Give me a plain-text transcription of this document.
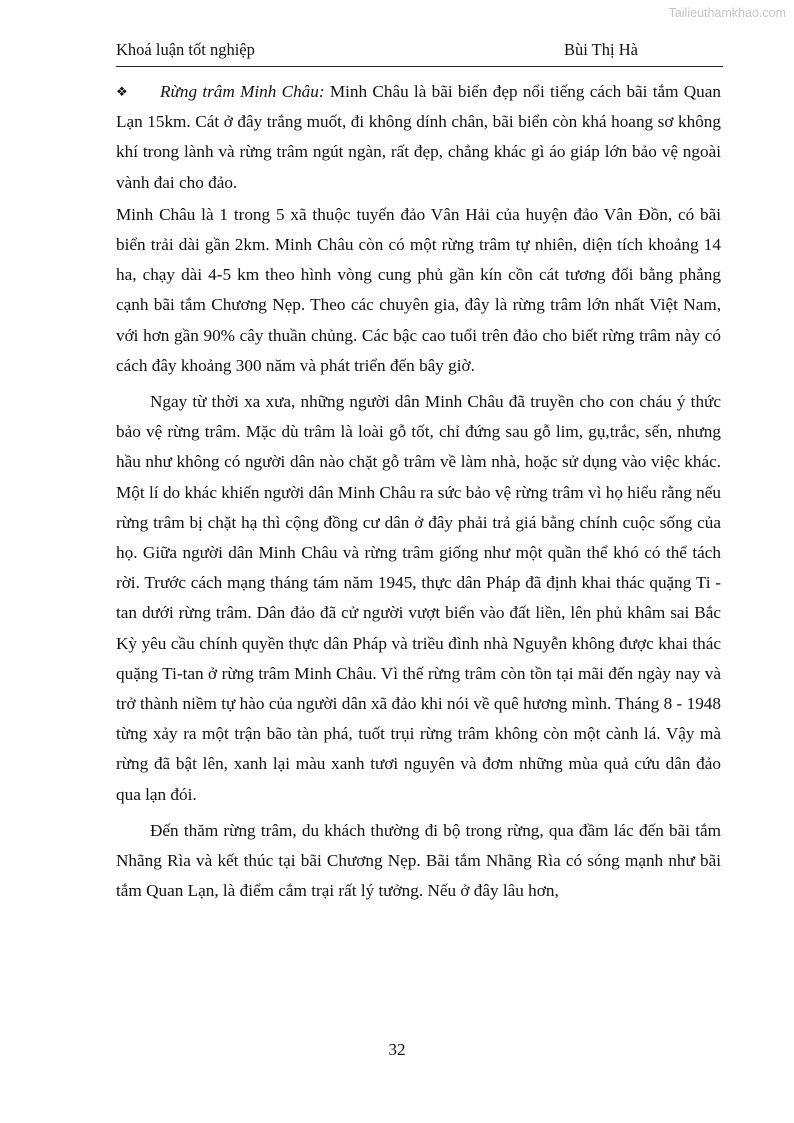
Tailieuthamkhao.com
Khoá luận tốt nghiệp	Bùi Thị Hà

❖ Rừng trâm Minh Châu: Minh Châu là bãi biển đẹp nổi tiếng cách bãi tắm Quan Lạn 15km. Cát ở đây trắng muốt, đi không dính chân, bãi biển còn khá hoang sơ không khí trong lành và rừng trâm ngút ngàn, rất đẹp, chẳng khác gì áo giáp lớn bảo vệ ngoài vành đai cho đảo.

Minh Châu là 1 trong 5 xã thuộc tuyến đảo Vân Hải của huyện đảo Vân Đồn, có bãi biển trải dài gần 2km. Minh Châu còn có một rừng trâm tự nhiên, diện tích khoảng 14 ha, chạy dài 4-5 km theo hình vòng cung phủ gần kín cồn cát tương đối bằng phẳng cạnh bãi tắm Chương Nẹp. Theo các chuyên gia, đây là rừng trâm lớn nhất Việt Nam, với hơn gần 90% cây thuần chủng. Các bậc cao tuổi trên đảo cho biết rừng trâm này có cách đây khoảng 300 năm và phát triển đến bây giờ.

Ngay từ thời xa xưa, những người dân Minh Châu đã truyền cho con cháu ý thức bảo vệ rừng trâm. Mặc dù trâm là loài gỗ tốt, chỉ đứng sau gỗ lim, gụ,trắc, sến, nhưng hầu như không có người dân nào chặt gỗ trâm về làm nhà, hoặc sử dụng vào việc khác. Một lí do khác khiến người dân Minh Châu ra sức bảo vệ rừng trâm vì họ hiểu rằng nếu rừng trâm bị chặt hạ thì cộng đồng cư dân ở đây phải trả giá bằng chính cuộc sống của họ. Giữa người dân Minh Châu và rừng trâm giống như một quần thể khó có thể tách rời. Trước cách mạng tháng tám năm 1945, thực dân Pháp đã định khai thác quặng Ti - tan dưới rừng trâm. Dân đảo đã cử người vượt biển vào đất liền, lên phủ khâm sai Bắc Kỳ yêu cầu chính quyền thực dân Pháp và triều đình nhà Nguyễn không được khai thác quặng Ti-tan ở rừng trâm Minh Châu. Vì thế rừng trâm còn tồn tại mãi đến ngày nay và trở thành niềm tự hào của người dân xã đảo khi nói về quê hương mình. Tháng 8 - 1948 từng xảy ra một trận bão tàn phá, tuốt trụi rừng trâm không còn một cành lá. Vậy mà rừng đã bật lên, xanh lại màu xanh tươi nguyên và đơm những mùa quả cứu dân đảo qua lạn đói.

Đến thăm rừng trâm, du khách thường đi bộ trong rừng, qua đầm lác đến bãi tắm Nhãng Rìa và kết thúc tại bãi Chương Nẹp. Bãi tắm Nhãng Rìa có sóng mạnh như bãi tắm Quan Lạn, là điểm cắm trại rất lý tưởng. Nếu ở đây lâu hơn,

32
